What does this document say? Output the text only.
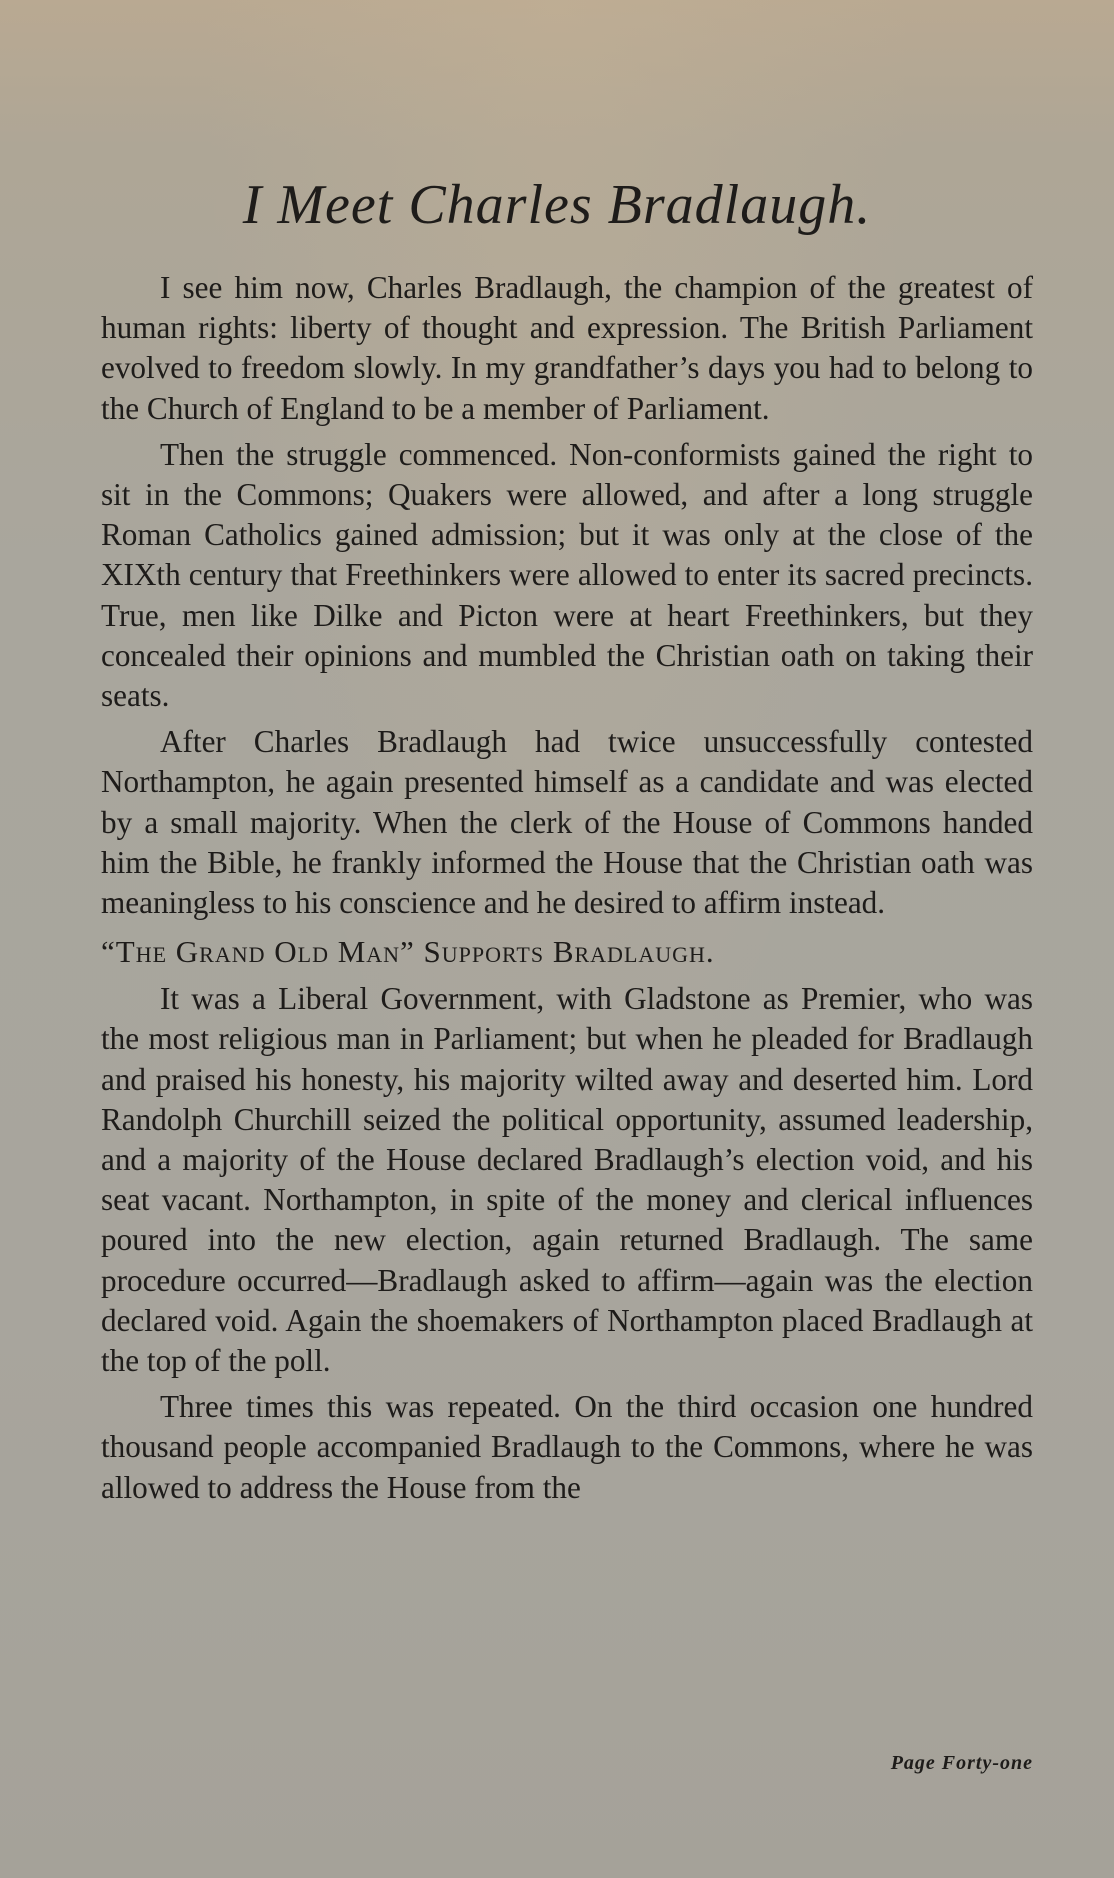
I Meet Charles Bradlaugh.

I see him now, Charles Bradlaugh, the champion of the greatest of human rights: liberty of thought and expression. The British Parliament evolved to freedom slowly. In my grandfather’s days you had to belong to the Church of England to be a member of Parliament.

Then the struggle commenced. Non-conformists gained the right to sit in the Commons; Quakers were allowed, and after a long struggle Roman Catholics gained admission; but it was only at the close of the XIXth century that Freethinkers were allowed to enter its sacred precincts. True, men like Dilke and Picton were at heart Freethinkers, but they concealed their opinions and mumbled the Christian oath on taking their seats.

After Charles Bradlaugh had twice unsuccessfully contested Northampton, he again presented himself as a candidate and was elected by a small majority. When the clerk of the House of Commons handed him the Bible, he frankly informed the House that the Christian oath was meaningless to his conscience and he desired to affirm instead.

“The Grand Old Man” Supports Bradlaugh.

It was a Liberal Government, with Gladstone as Premier, who was the most religious man in Parliament; but when he pleaded for Bradlaugh and praised his honesty, his majority wilted away and deserted him. Lord Randolph Churchill seized the political opportunity, assumed leadership, and a majority of the House declared Bradlaugh’s election void, and his seat vacant. Northampton, in spite of the money and clerical influences poured into the new election, again returned Bradlaugh. The same procedure occurred—Bradlaugh asked to affirm—again was the election declared void. Again the shoemakers of Northampton placed Bradlaugh at the top of the poll.

Three times this was repeated. On the third occasion one hundred thousand people accompanied Bradlaugh to the Commons, where he was allowed to address the House from the

Page Forty-one
